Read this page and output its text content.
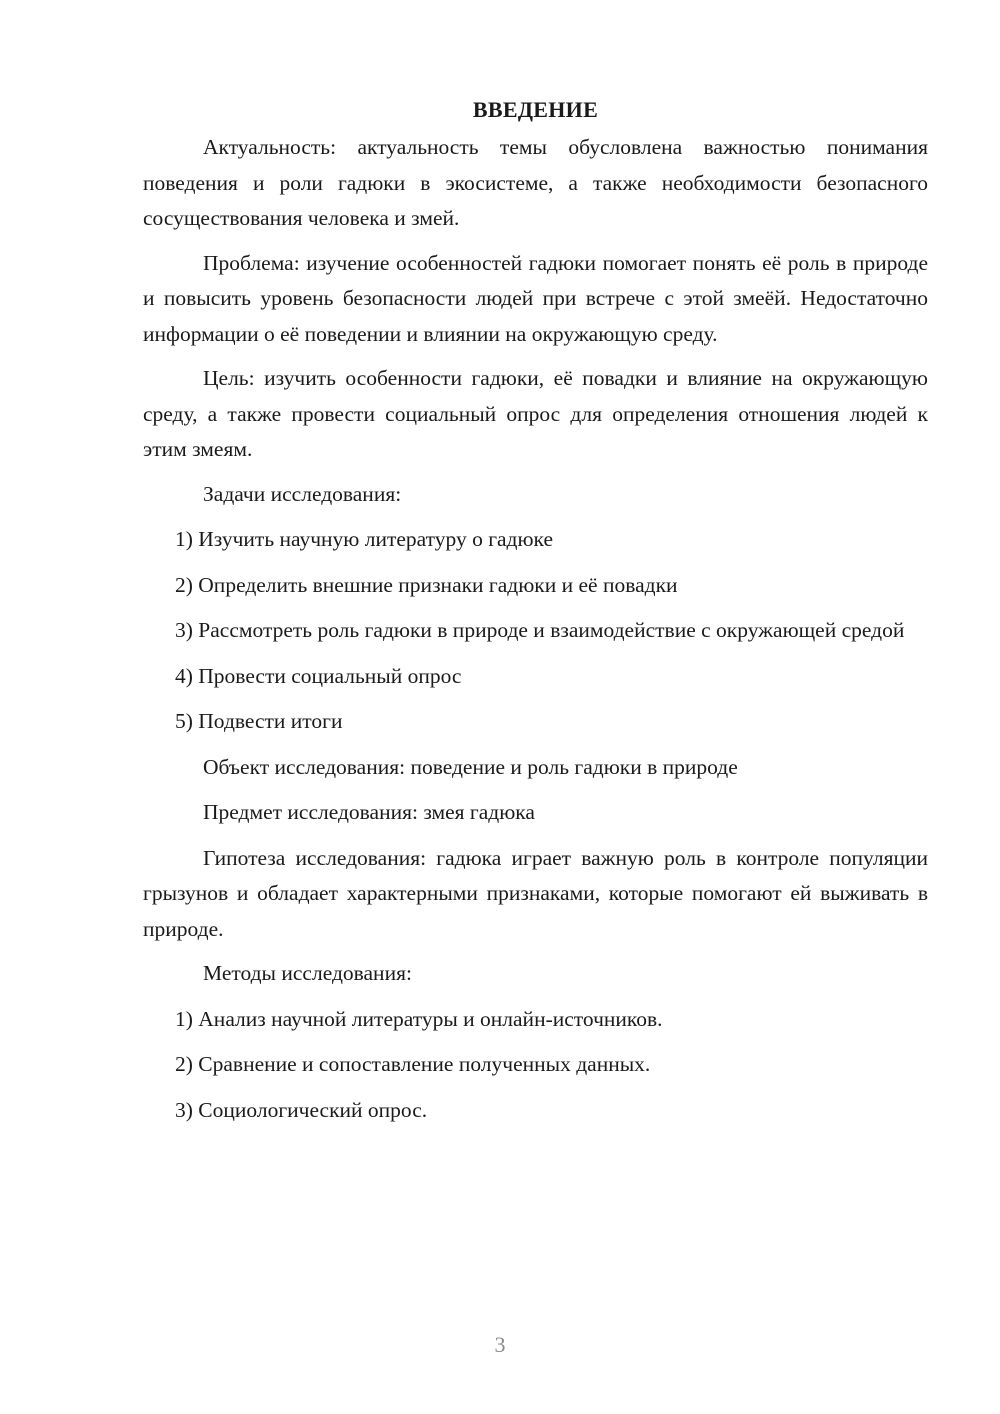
ВВЕДЕНИЕ

Актуальность: актуальность темы обусловлена важностью понимания поведения и роли гадюки в экосистеме, а также необходимости безопасного сосуществования человека и змей.

Проблема: изучение особенностей гадюки помогает понять её роль в природе и повысить уровень безопасности людей при встрече с этой змеёй. Недостаточно информации о её поведении и влиянии на окружающую среду.

Цель: изучить особенности гадюки, её повадки и влияние на окружающую среду, а также провести социальный опрос для определения отношения людей к этим змеям.

Задачи исследования:
1) Изучить научную литературу о гадюке
2) Определить внешние признаки гадюки и её повадки
3) Рассмотреть роль гадюки в природе и взаимодействие с окружающей средой
4) Провести социальный опрос
5) Подвести итоги
Объект исследования: поведение и роль гадюки в природе
Предмет исследования: змея гадюка

Гипотеза исследования: гадюка играет важную роль в контроле популяции грызунов и обладает характерными признаками, которые помогают ей выживать в природе.

Методы исследования:
1) Анализ научной литературы и онлайн-источников.
2) Сравнение и сопоставление полученных данных.
3) Социологический опрос.
3
